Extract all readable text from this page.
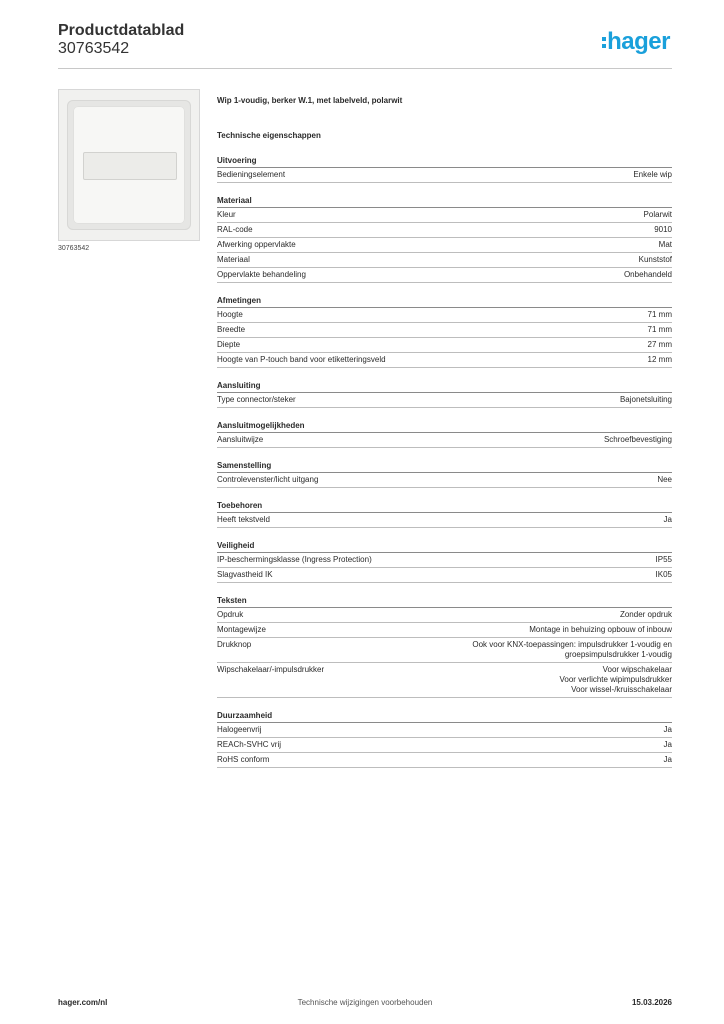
Productdatablad
30763542	hager
30763542
Wip 1-voudig, berker W.1, met labelveld, polarwit
Technische eigenschappen
Uitvoering
Bedieningselement	Enkele wip
Materiaal
Kleur	Polarwit
RAL-code	9010
Afwerking oppervlakte	Mat
Materiaal	Kunststof
Oppervlakte behandeling	Onbehandeld
Afmetingen
Hoogte	71 mm
Breedte	71 mm
Diepte	27 mm
Hoogte van P-touch band voor etiketteringsveld	12 mm
Aansluiting
Type connector/steker	Bajonetsluiting
Aansluitmogelijkheden
Aansluitwijze	Schroefbevestiging
Samenstelling
Controlevenster/licht uitgang	Nee
Toebehoren
Heeft tekstveld	Ja
Veiligheid
IP-beschermingsklasse (Ingress Protection)	IP55
Slagvastheid IK	IK05
Teksten
Opdruk	Zonder opdruk
Montagewijze	Montage in behuizing opbouw of inbouw
Drukknop	Ook voor KNX-toepassingen: impulsdrukker 1-voudig en
groepsimpulsdrukker 1-voudig
Wipschakelaar/-impulsdrukker	Voor wipschakelaar
Voor verlichte wipimpulsdrukker
Voor wissel-/kruisschakelaar
Duurzaamheid
Halogeenvrij	Ja
REACh-SVHC vrij	Ja
RoHS conform	Ja
hager.com/nl	Technische wijzigingen voorbehouden	15.03.2026
